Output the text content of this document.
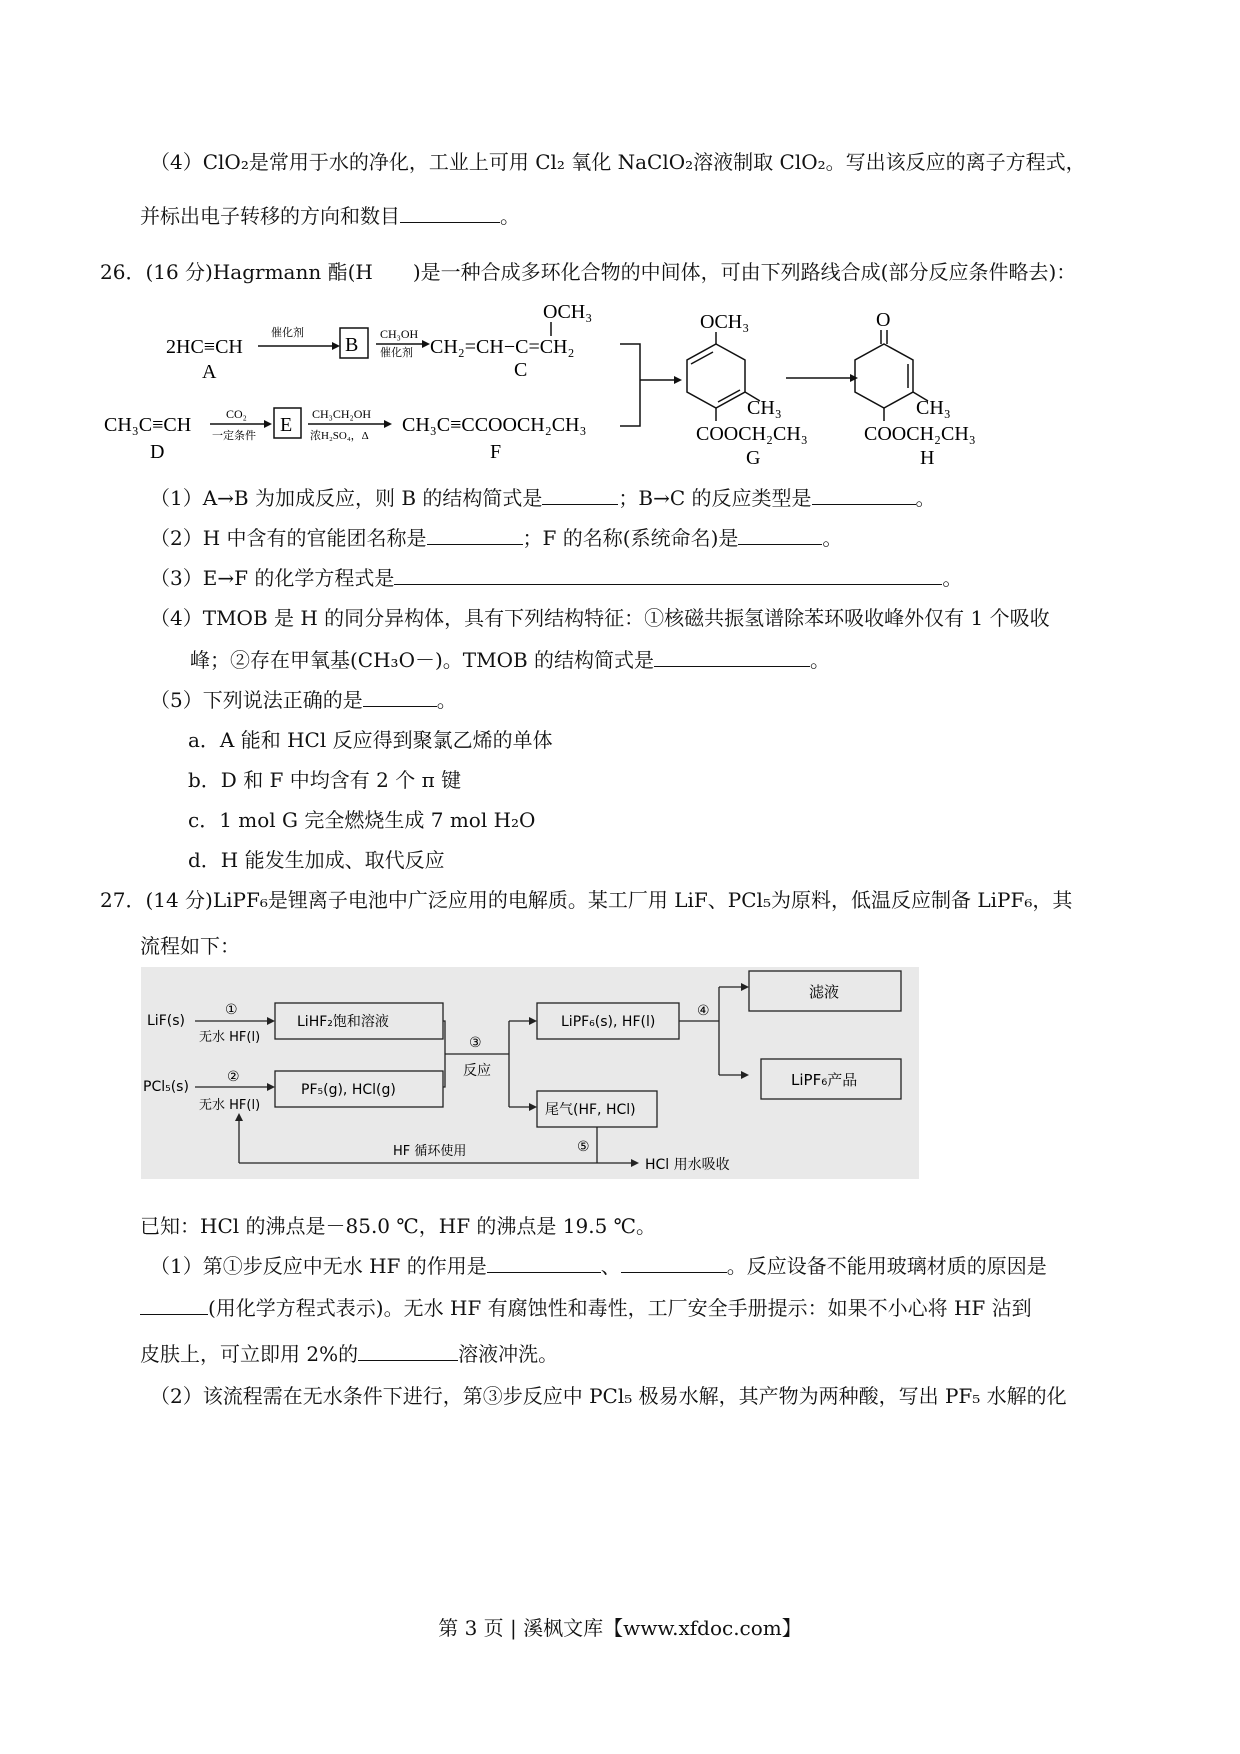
（4）ClO₂是常用于水的净化，工业上可用 Cl₂ 氧化 NaClO₂溶液制取 ClO₂。写出该反应的离子方程式，
并标出电子转移的方向和数目	。
26．(16 分)Hagrmann 酯(H　　)是一种合成多环化合物的中间体，可由下列路线合成(部分反应条件略去)：
2HC≡CH
A
催化剂
B CH₃OH
催化剂
OCH₃
CH₂=CH−C=CH₂
C
CH₃C≡CH
D
CO₂
一定条件 E CH₃CH₂OH
浓H₂SO₄，Δ CH₃C≡CCOOCH₂CH₃
F
OCH₃
CH₃
COOCH₂CH₃
G
O
CH₃
COOCH₂CH₃
H
（1）A→B 为加成反应，则 B 的结构简式是	；B→C 的反应类型是	。
（2）H 中含有的官能团名称是	；F 的名称(系统命名)是	。
（3）E→F 的化学方程式是	。
（4）TMOB 是 H 的同分异构体，具有下列结构特征：①核磁共振氢谱除苯环吸收峰外仅有 1 个吸收
峰；②存在甲氧基(CH₃O－)。TMOB 的结构简式是	。
（5）下列说法正确的是	。
a．A 能和 HCl 反应得到聚氯乙烯的单体
b．D 和 F 中均含有 2 个 π 键
c．1 mol G 完全燃烧生成 7 mol H₂O
d．H 能发生加成、取代反应
27．(14 分)LiPF₆是锂离子电池中广泛应用的电解质。某工厂用 LiF、PCl₅为原料，低温反应制备 LiPF₆，其
流程如下：
LiF(s)
①
无水 HF(l)
LiHF₂饱和溶液
PCl₅(s)
②
无水 HF(l)
PF₅(g), HCl(g)
③
反应
LiPF₆(s), HF(l)
④
滤液
LiPF₆产品
尾气(HF, HCl)
⑤
HF 循环使用
HCl 用水吸收
已知：HCl 的沸点是－85.0 ℃，HF 的沸点是 19.5 ℃。
（1）第①步反应中无水 HF 的作用是	、	。反应设备不能用玻璃材质的原因是
(用化学方程式表示)。无水 HF 有腐蚀性和毒性，工厂安全手册提示：如果不小心将 HF 沾到
皮肤上，可立即用 2%的	溶液冲洗。
（2）该流程需在无水条件下进行，第③步反应中 PCl₅ 极易水解，其产物为两种酸，写出 PF₅ 水解的化
第 3 页 | 溪枫文库【www.xfdoc.com】
